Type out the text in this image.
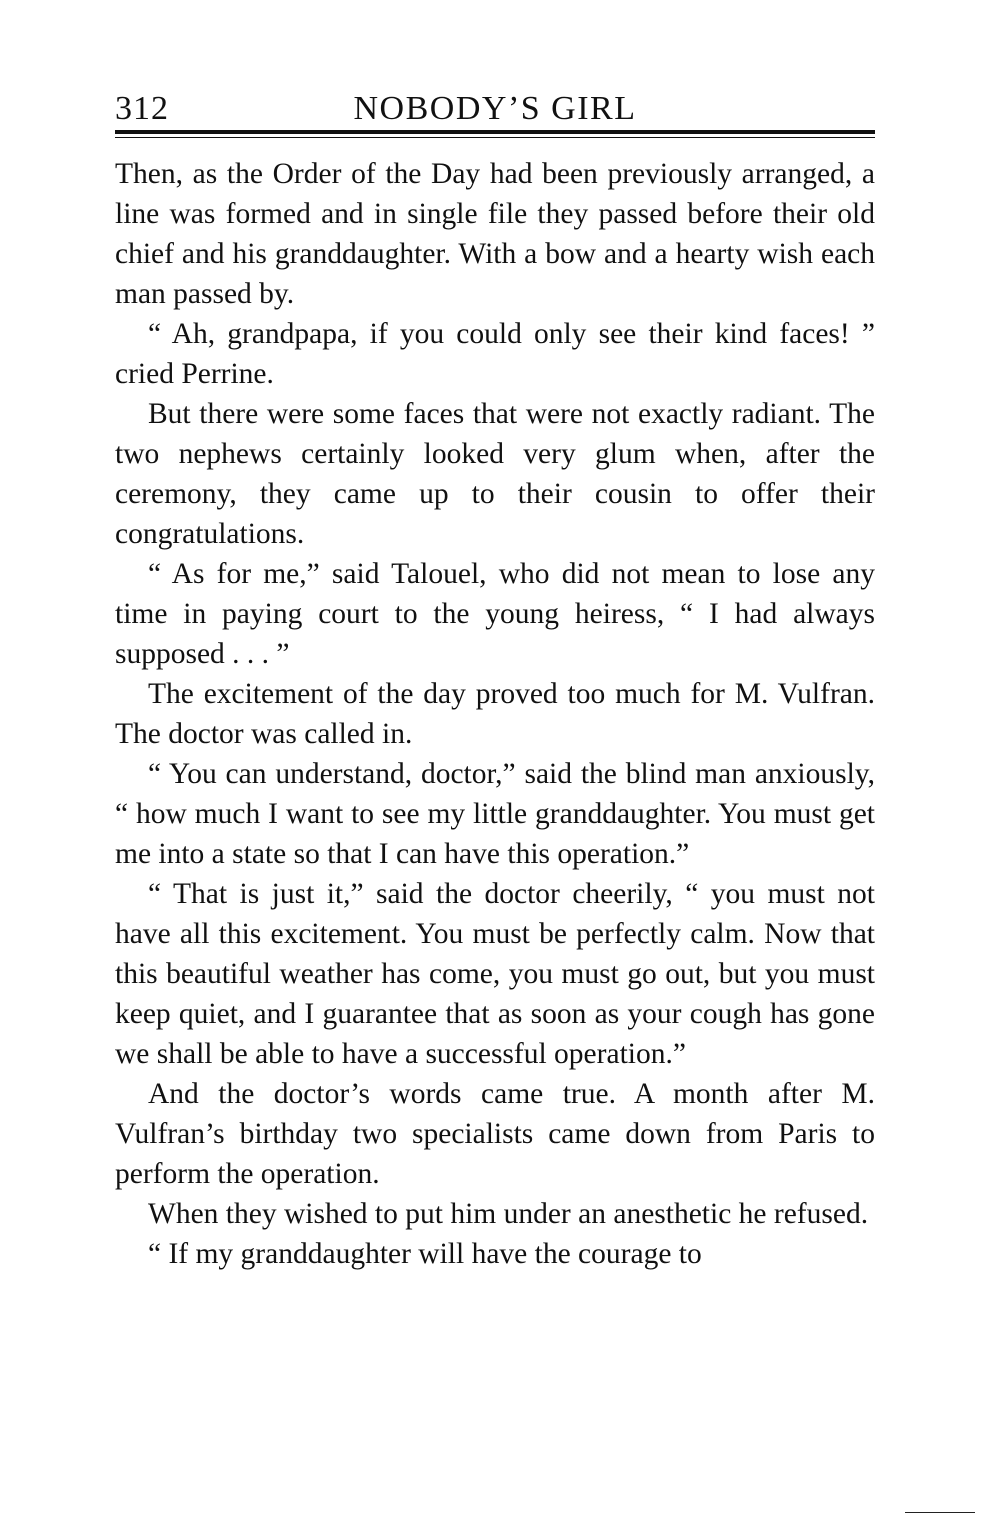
312	NOBODY’S GIRL

Then, as the Order of the Day had been previously arranged, a line was formed and in single file they passed before their old chief and his granddaughter. With a bow and a hearty wish each man passed by.

“ Ah, grandpapa, if you could only see their kind faces! ” cried Perrine.

But there were some faces that were not exactly radiant. The two nephews certainly looked very glum when, after the ceremony, they came up to their cousin to offer their congratulations.

“ As for me,” said Talouel, who did not mean to lose any time in paying court to the young heiress, “ I had always supposed . . . ”

The excitement of the day proved too much for M. Vulfran. The doctor was called in.

“ You can understand, doctor,” said the blind man anxiously, “ how much I want to see my little granddaughter. You must get me into a state so that I can have this operation.”

“ That is just it,” said the doctor cheerily, “ you must not have all this excitement. You must be perfectly calm. Now that this beautiful weather has come, you must go out, but you must keep quiet, and I guarantee that as soon as your cough has gone we shall be able to have a successful operation.”

And the doctor’s words came true. A month after M. Vulfran’s birthday two specialists came down from Paris to perform the operation.

When they wished to put him under an anesthetic he refused.

“ If my granddaughter will have the courage to
